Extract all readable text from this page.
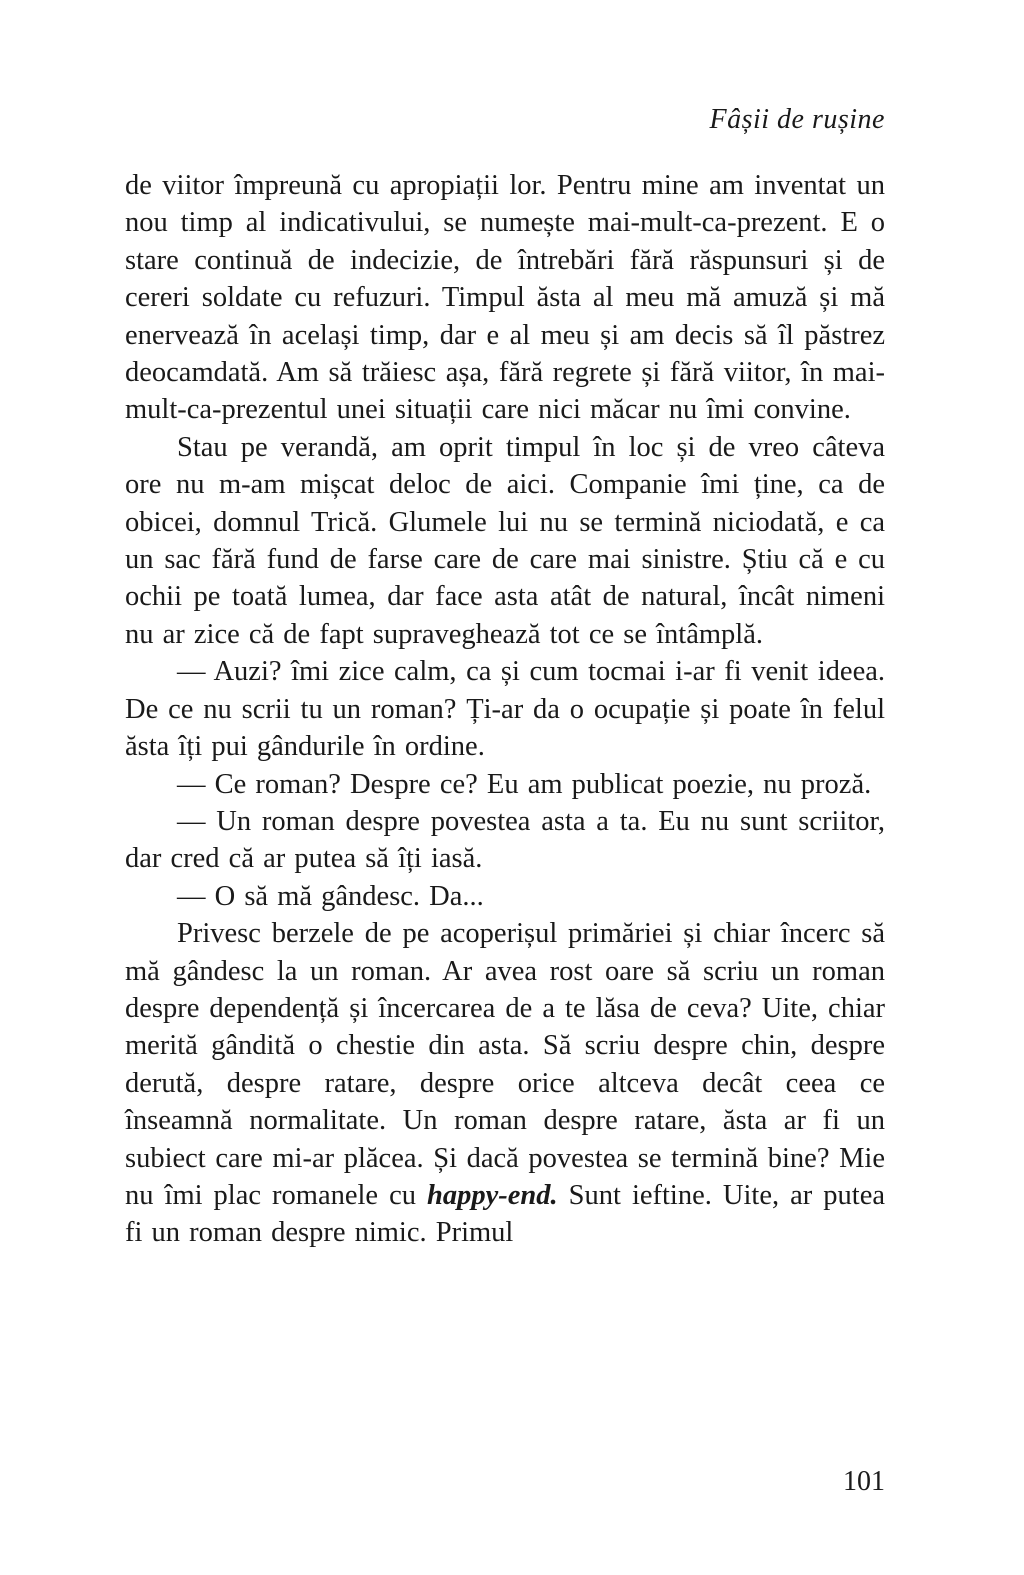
Fâșii de rușine

de viitor împreună cu apropiații lor. Pentru mine am inventat un nou timp al indicativului, se numește mai-mult-ca-prezent. E o stare continuă de indecizie, de întrebări fără răspunsuri și de cereri soldate cu refuzuri. Timpul ăsta al meu mă amuză și mă enervează în același timp, dar e al meu și am decis să îl păstrez deocamdată. Am să trăiesc așa, fără regrete și fără viitor, în mai-mult-ca-prezentul unei situații care nici măcar nu îmi convine.

Stau pe verandă, am oprit timpul în loc și de vreo câteva ore nu m-am mișcat deloc de aici. Companie îmi ține, ca de obicei, domnul Trică. Glumele lui nu se termină niciodată, e ca un sac fără fund de farse care de care mai sinistre. Știu că e cu ochii pe toată lumea, dar face asta atât de natural, încât nimeni nu ar zice că de fapt supraveghează tot ce se întâmplă.

— Auzi? îmi zice calm, ca și cum tocmai i-ar fi venit ideea. De ce nu scrii tu un roman? Ți-ar da o ocupație și poate în felul ăsta îți pui gândurile în ordine.

— Ce roman? Despre ce? Eu am publicat poezie, nu proză.

— Un roman despre povestea asta a ta. Eu nu sunt scriitor, dar cred că ar putea să îți iasă.

— O să mă gândesc. Da...

Privesc berzele de pe acoperișul primăriei și chiar încerc să mă gândesc la un roman. Ar avea rost oare să scriu un roman despre dependență și încercarea de a te lăsa de ceva? Uite, chiar merită gândită o chestie din asta. Să scriu despre chin, despre derută, despre ratare, despre orice altceva decât ceea ce înseamnă normalitate. Un roman despre ratare, ăsta ar fi un subiect care mi-ar plăcea. Și dacă povestea se termină bine? Mie nu îmi plac romanele cu happy-end. Sunt ieftine. Uite, ar putea fi un roman despre nimic. Primul

101
